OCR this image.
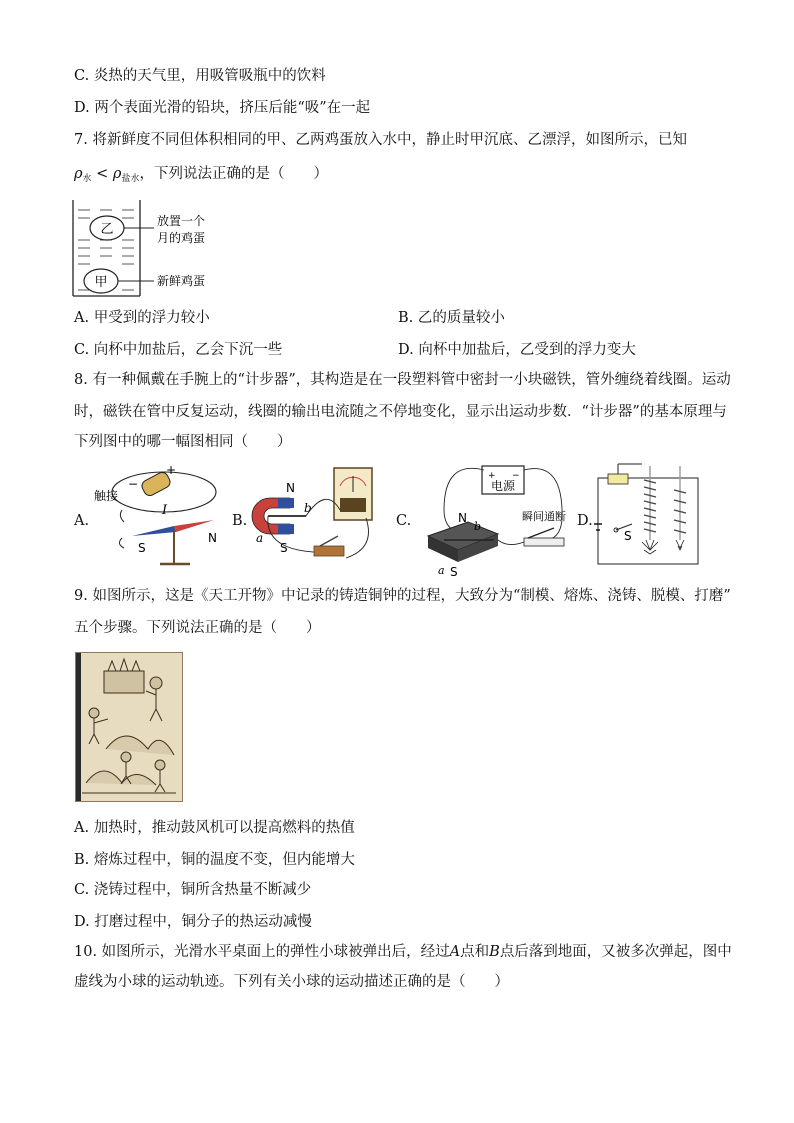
C. 炎热的天气里，用吸管吸瓶中的饮料
D. 两个表面光滑的铅块，挤压后能“吸”在一起
7. 将新鲜度不同但体积相同的甲、乙两鸡蛋放入水中，静止时甲沉底、乙漂浮，如图所示，已知
$\rho_水 < \rho_{盐水}$，下列说法正确的是（　　）
乙
甲
放置一个
月的鸡蛋
新鲜鸡蛋
A. 甲受到的浮力较小	B. 乙的质量较小
C. 向杯中加盐后，乙会下沉一些	D. 向杯中加盐后，乙受到的浮力变大
8. 有一种佩戴在手腕上的“计步器”，其构造是在一段塑料管中密封一小块磁铁，管外缠绕着线圈。运动
时，磁铁在管中反复运动，线圈的输出电流随之不停地变化，显示出运动步数．“计步器”的基本原理与
下列图中的哪一幅图相同（　　）
A.	B.	C.	D.
+
−
触接
I
S
N
N
S
a
b
+ −
电源
N
b
a S
瞬间通断
S
9. 如图所示，这是《天工开物》中记录的铸造铜钟的过程，大致分为“制模、熔炼、浇铸、脱模、打磨”
五个步骤。下列说法正确的是（　　）
A. 加热时，推动鼓风机可以提高燃料的热值
B. 熔炼过程中，铜的温度不变，但内能增大
C. 浇铸过程中，铜所含热量不断减少
D. 打磨过程中，铜分子的热运动减慢
10. 如图所示，光滑水平桌面上的弹性小球被弹出后，经过A点和B点后落到地面，又被多次弹起，图中
虚线为小球的运动轨迹。下列有关小球的运动描述正确的是（　　）
